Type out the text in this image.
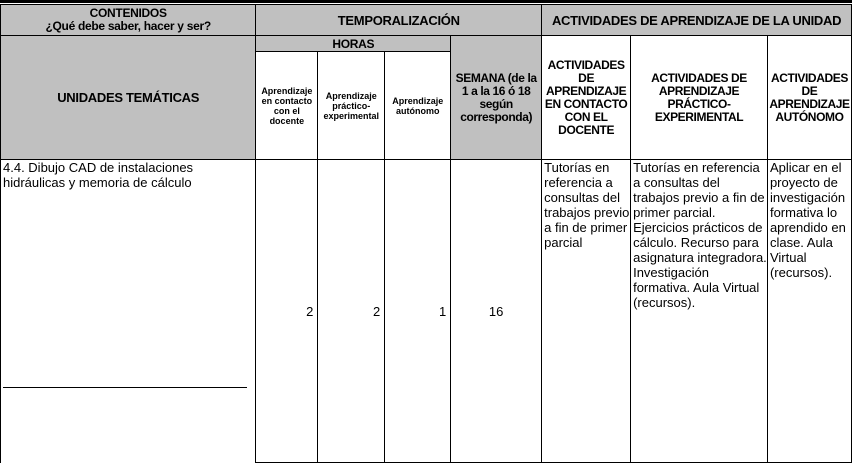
CONTENIDOS
¿Qué debe saber, hacer y ser?	TEMPORALIZACIÓN				ACTIVIDADES DE APRENDIZAJE DE LA UNIDAD		
UNIDADES TEMÁTICAS	HORAS			SEMANA (de la 1 a la 16 ó 18 según corresponda)	ACTIVIDADES DE APRENDIZAJE EN CONTACTO CON EL DOCENTE	ACTIVIDADES DE APRENDIZAJE PRÁCTICO-EXPERIMENTAL	ACTIVIDADES DE APRENDIZAJE AUTÓNOMO
	Aprendizaje en contacto con el docente	Aprendizaje práctico-experimental	Aprendizaje autónomo				

4.4. Dibujo CAD de instalaciones hidráulicas y memoria de cálculo	2	2	1	16	Tutorías en referencia a consultas del trabajos previo a fin de primer parcial	Tutorías en referencia a consultas del trabajos previo a fin de primer parcial. Ejercicios prácticos de cálculo. Recurso para asignatura integradora. Investigación formativa. Aula Virtual (recursos).	Aplicar en el proyecto de investigación formativa lo aprendido en clase. Aula Virtual (recursos).
